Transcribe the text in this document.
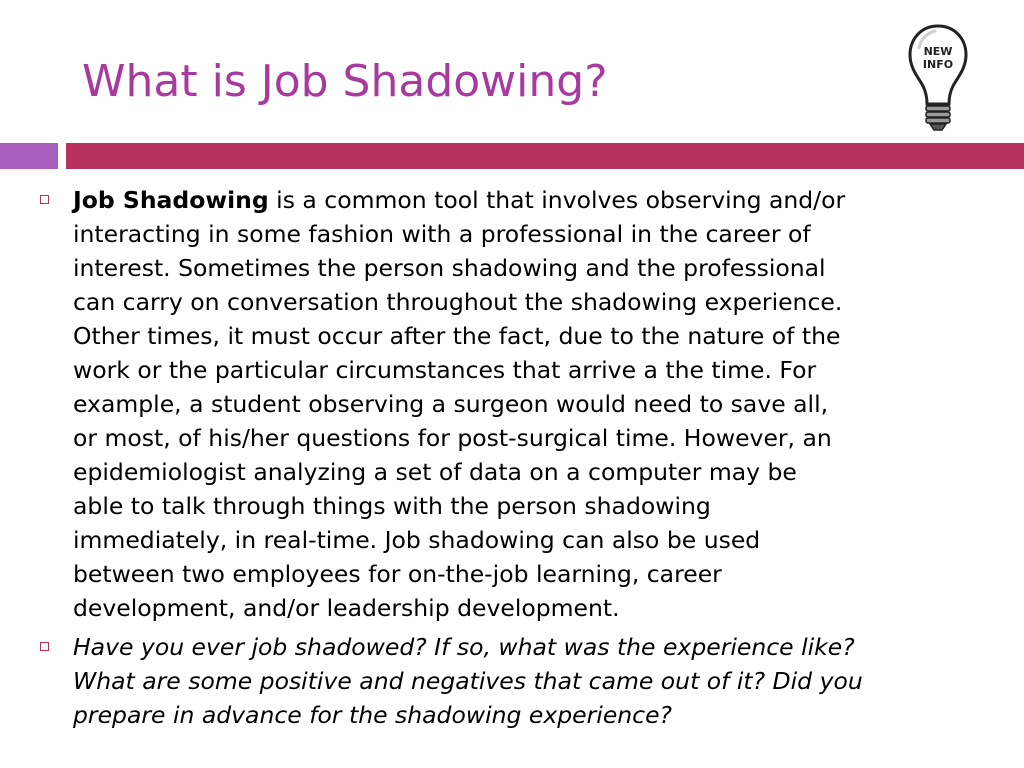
What is Job Shadowing?
NEW
INFO
Job Shadowing is a common tool that involves observing and/or
interacting in some fashion with a professional in the career of
interest. Sometimes the person shadowing and the professional
can carry on conversation throughout the shadowing experience.
Other times, it must occur after the fact, due to the nature of the
work or the particular circumstances that arrive a the time. For
example, a student observing a surgeon would need to save all,
or most, of his/her questions for post-surgical time. However, an
epidemiologist analyzing a set of data on a computer may be
able to talk through things with the person shadowing
immediately, in real-time. Job shadowing can also be used
between two employees for on-the-job learning, career
development, and/or leadership development.
Have you ever job shadowed? If so, what was the experience like?
What are some positive and negatives that came out of it? Did you
prepare in advance for the shadowing experience?
